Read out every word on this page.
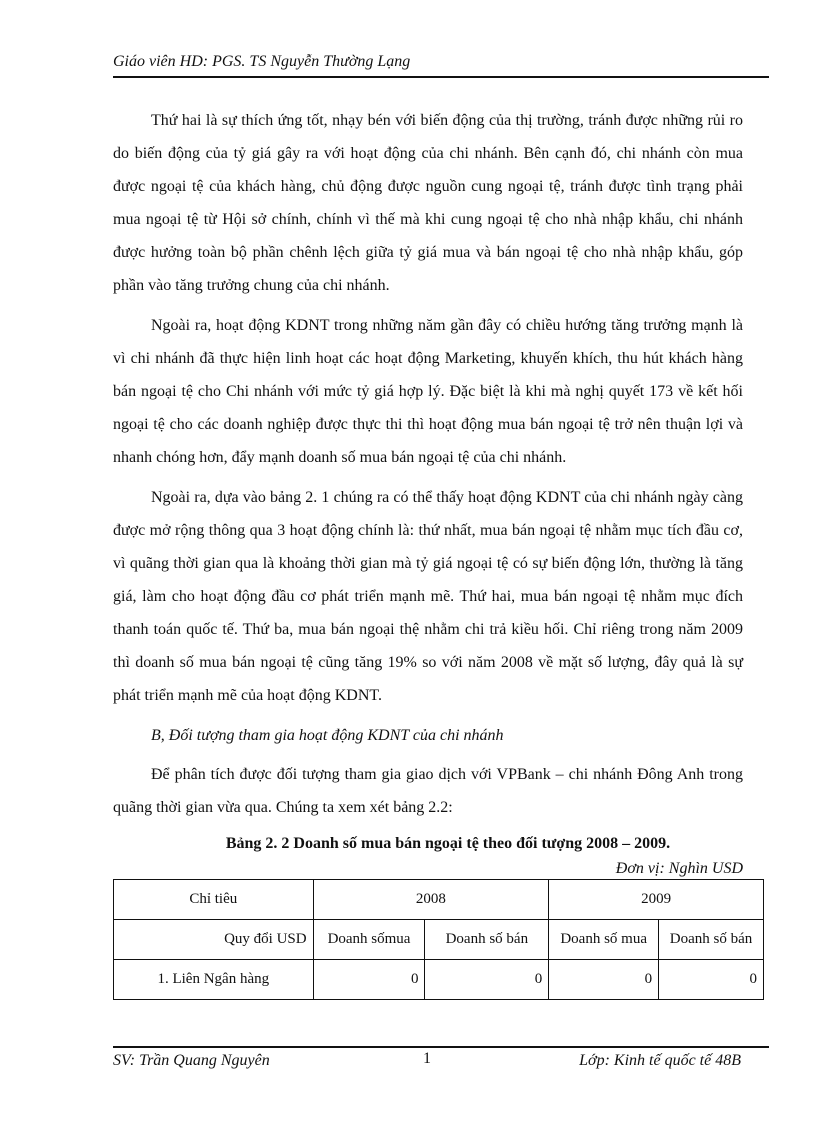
Giáo viên HD: PGS. TS Nguyễn Thường Lạng

Thứ hai là sự thích ứng tốt, nhạy bén với biến động của thị trường, tránh được những rủi ro do biến động của tỷ giá gây ra với hoạt động của chi nhánh. Bên cạnh đó, chi nhánh còn mua được ngoại tệ của khách hàng, chủ động được nguồn cung ngoại tệ, tránh được tình trạng phải mua ngoại tệ từ Hội sở chính, chính vì thế mà khi cung ngoại tệ cho nhà nhập khẩu, chi nhánh được hưởng toàn bộ phần chênh lệch giữa tỷ giá mua và bán ngoại tệ cho nhà nhập khẩu, góp phần vào tăng trưởng chung của chi nhánh.

Ngoài ra, hoạt động KDNT trong những năm gần đây có chiều hướng tăng trưởng mạnh là vì chi nhánh đã thực hiện linh hoạt các hoạt động Marketing, khuyến khích, thu hút khách hàng bán ngoại tệ cho Chi nhánh với mức tỷ giá hợp lý. Đặc biệt là khi mà nghị quyết 173 về kết hối ngoại tệ cho các doanh nghiệp được thực thi thì hoạt động mua bán ngoại tệ trở nên thuận lợi và nhanh chóng hơn, đẩy mạnh doanh số mua bán ngoại tệ của chi nhánh.

Ngoài ra, dựa vào bảng 2. 1 chúng ra có thể thấy hoạt động KDNT của chi nhánh ngày càng được mở rộng thông qua 3 hoạt động chính là: thứ nhất, mua bán ngoại tệ nhằm mục tích đầu cơ, vì quãng thời gian qua là khoảng thời gian mà tỷ giá ngoại tệ có sự biến động lớn, thường là tăng giá, làm cho hoạt động đầu cơ phát triển mạnh mẽ. Thứ hai, mua bán ngoại tệ nhằm mục đích thanh toán quốc tế. Thứ ba, mua bán ngoại thệ nhằm chi trả kiều hối. Chỉ riêng trong năm 2009 thì doanh số mua bán ngoại tệ cũng tăng 19% so với năm 2008 về mặt số lượng, đây quả là sự phát triển mạnh mẽ của hoạt động KDNT.

B, Đối tượng tham gia hoạt động KDNT của chi nhánh

Để phân tích được đối tượng tham gia giao dịch với VPBank – chi nhánh Đông Anh trong quãng thời gian vừa qua. Chúng ta xem xét bảng 2.2:

Bảng 2. 2 Doanh số mua bán ngoại tệ theo đối tượng 2008 – 2009.

Đơn vị: Nghìn USD

Chỉ tiêu	2008		2009	
Quy đổi USD	Doanh sốmua	Doanh số bán	Doanh số mua	Doanh số bán
1. Liên Ngân hàng	0	0	0	0
SV: Trần Quang Nguyên	1	Lớp: Kinh tế quốc tế 48B
